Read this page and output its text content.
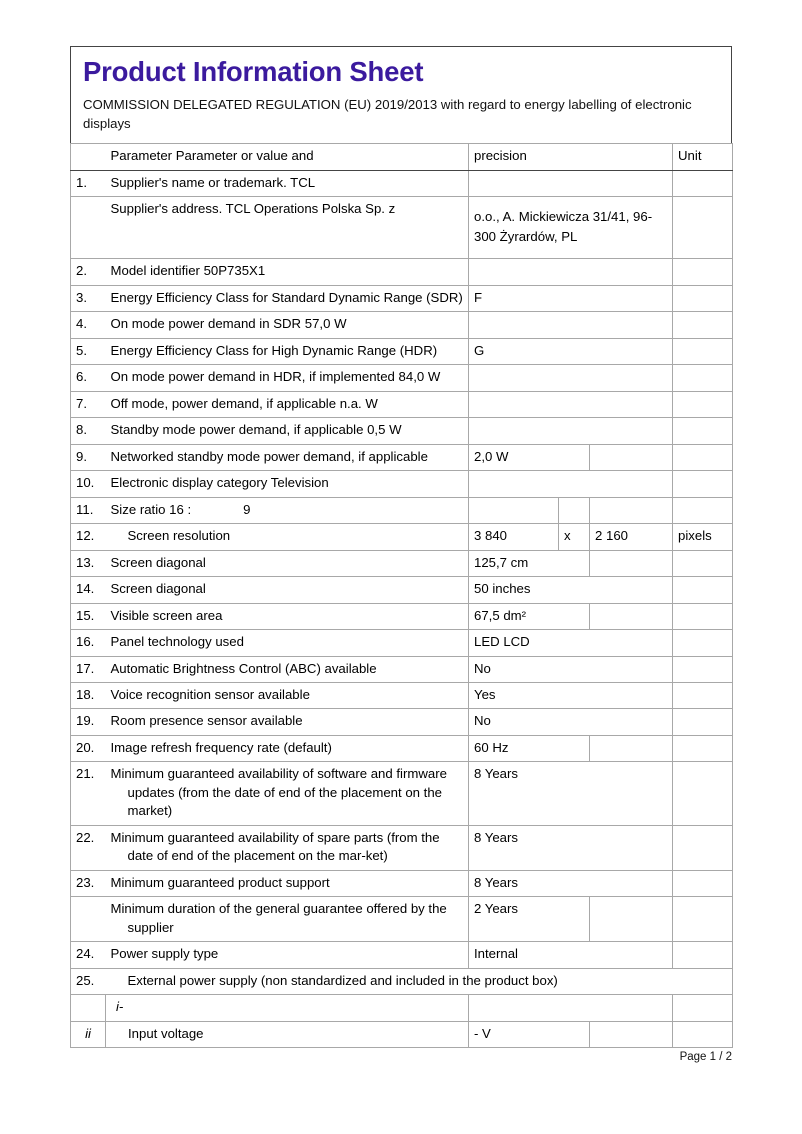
Product Information Sheet
COMMISSION DELEGATED REGULATION (EU) 2019/2013 with regard to energy labelling of electronic displays
	Parameter Parameter or value and	precision			Unit
1.	Supplier's name or trademark. TCL				
	Supplier's address. TCL Operations Polska Sp. z	o.o., A. Mickiewicza 31/41, 96-300 Żyrardów, PL			
2.	Model identifier 50P735X1				
3.	Energy Efficiency Class for Standard Dynamic Range (SDR)	F			
4.	On mode power demand in SDR 57,0 W				
5.	Energy Efficiency Class for High Dynamic Range (HDR)	G			
6.	On mode power demand in HDR, if implemented 84,0 W				
7.	Off mode, power demand, if applicable n.a. W				
8.	Standby mode power demand, if applicable 0,5 W				
9.	Networked standby mode power demand, if applicable	2,0 W			
10.	Electronic display category Television				
11.	Size ratio 16 : 9				
12.	Screen resolution	3 840	x	2 160	pixels
13.	Screen diagonal	125,7 cm			
14.	Screen diagonal	50 inches			
15.	Visible screen area	67,5 dm²			
16.	Panel technology used	LED LCD			
17.	Automatic Brightness Control (ABC) available	No			
18.	Voice recognition sensor available	Yes			
19.	Room presence sensor available	No			
20.	Image refresh frequency rate (default)	60 Hz			
21.	Minimum guaranteed availability of software and firmware updates (from the date of end of the placement on the market)	8 Years			
22.	Minimum guaranteed availability of spare parts (from the date of end of the placement on the mar-ket)	8 Years			
23.	Minimum guaranteed product support	8 Years			

	Minimum duration of the general guarantee offered by the supplier	2 Years			
24.	Power supply type	Internal			
25.	External power supply (non standardized and included in the product box)				
	i-				
ii	Input voltage	- V			
Page 1 / 2
